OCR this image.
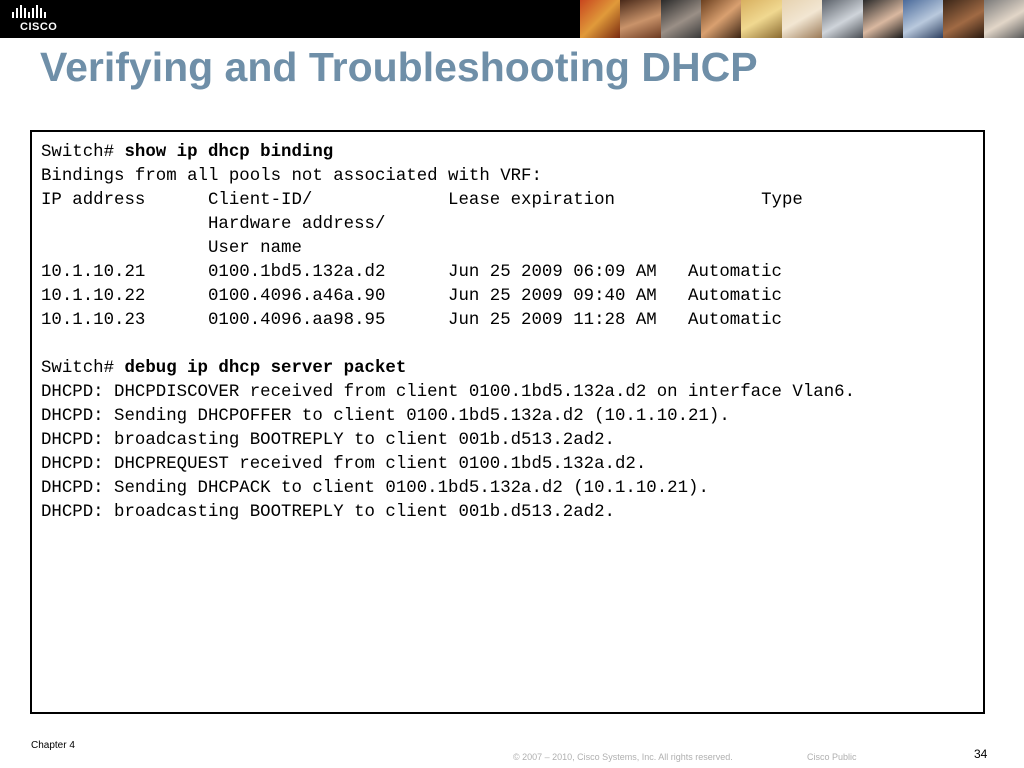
CISCO
Verifying and Troubleshooting DHCP
Switch# show ip dhcp binding
Bindings from all pools not associated with VRF:
IP address      Client-ID/             Lease expiration              Type
Hardware address/
User name
10.1.10.21      0100.1bd5.132a.d2      Jun 25 2009 06:09 AM   Automatic
10.1.10.22      0100.4096.a46a.90      Jun 25 2009 09:40 AM   Automatic
10.1.10.23      0100.4096.aa98.95      Jun 25 2009 11:28 AM   Automatic
Switch# debug ip dhcp server packet
DHCPD: DHCPDISCOVER received from client 0100.1bd5.132a.d2 on interface Vlan6.
DHCPD: Sending DHCPOFFER to client 0100.1bd5.132a.d2 (10.1.10.21).
DHCPD: broadcasting BOOTREPLY to client 001b.d513.2ad2.
DHCPD: DHCPREQUEST received from client 0100.1bd5.132a.d2.
DHCPD: Sending DHCPACK to client 0100.1bd5.132a.d2 (10.1.10.21).
DHCPD: broadcasting BOOTREPLY to client 001b.d513.2ad2.
Chapter 4
© 2007 – 2010, Cisco Systems, Inc. All rights reserved.	Cisco Public	34
